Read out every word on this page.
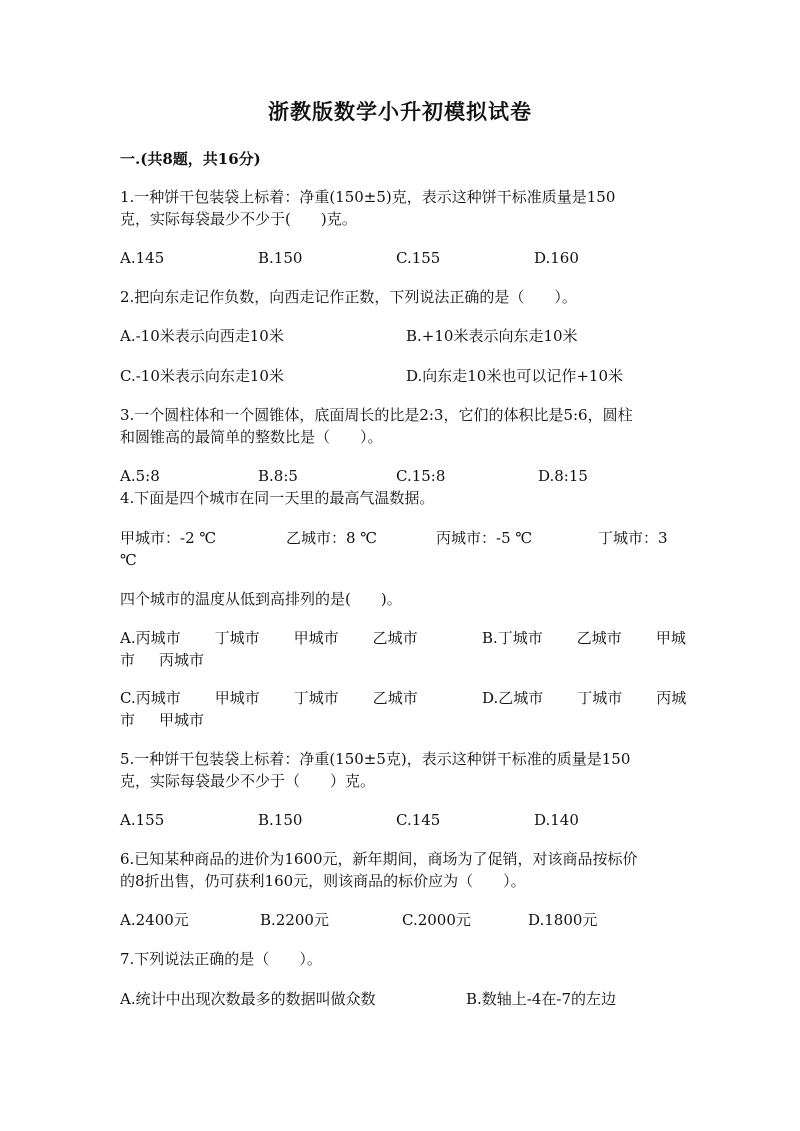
浙教版数学小升初模拟试卷
一.(共8题，共16分)
1.一种饼干包装袋上标着：净重(150±5)克，表示这种饼干标准质量是150
克，实际每袋最少不少于(　　)克。
A.145	B.150	C.155	D.160
2.把向东走记作负数，向西走记作正数，下列说法正确的是（　　）。
A.-10米表示向西走10米	B.+10米表示向东走10米
C.-10米表示向东走10米	D.向东走10米也可以记作+10米
3.一个圆柱体和一个圆锥体，底面周长的比是2:3，它们的体积比是5:6，圆柱
和圆锥高的最简单的整数比是（　　）。
A.5:8	B.8:5	C.15:8	D.8:15
4.下面是四个城市在同一天里的最高气温数据。
甲城市：-2 ℃	乙城市：8 ℃	丙城市：-5 ℃	丁城市：3
℃
四个城市的温度从低到高排列的是(　　)。
A.丙城市 丁城市 甲城市 乙城市	B.丁城市 乙城市 甲城
市 丙城市
C.丙城市 甲城市 丁城市 乙城市	D.乙城市 丁城市 丙城
市 甲城市
5.一种饼干包装袋上标着：净重(150±5克)，表示这种饼干标准的质量是150
克，实际每袋最少不少于（　　）克。
A.155	B.150	C.145	D.140
6.已知某种商品的进价为1600元，新年期间，商场为了促销，对该商品按标价
的8折出售，仍可获利160元，则该商品的标价应为（　　）。
A.2400元	B.2200元	C.2000元	D.1800元
7.下列说法正确的是（　　）。
A.统计中出现次数最多的数据叫做众数	B.数轴上-4在-7的左边
